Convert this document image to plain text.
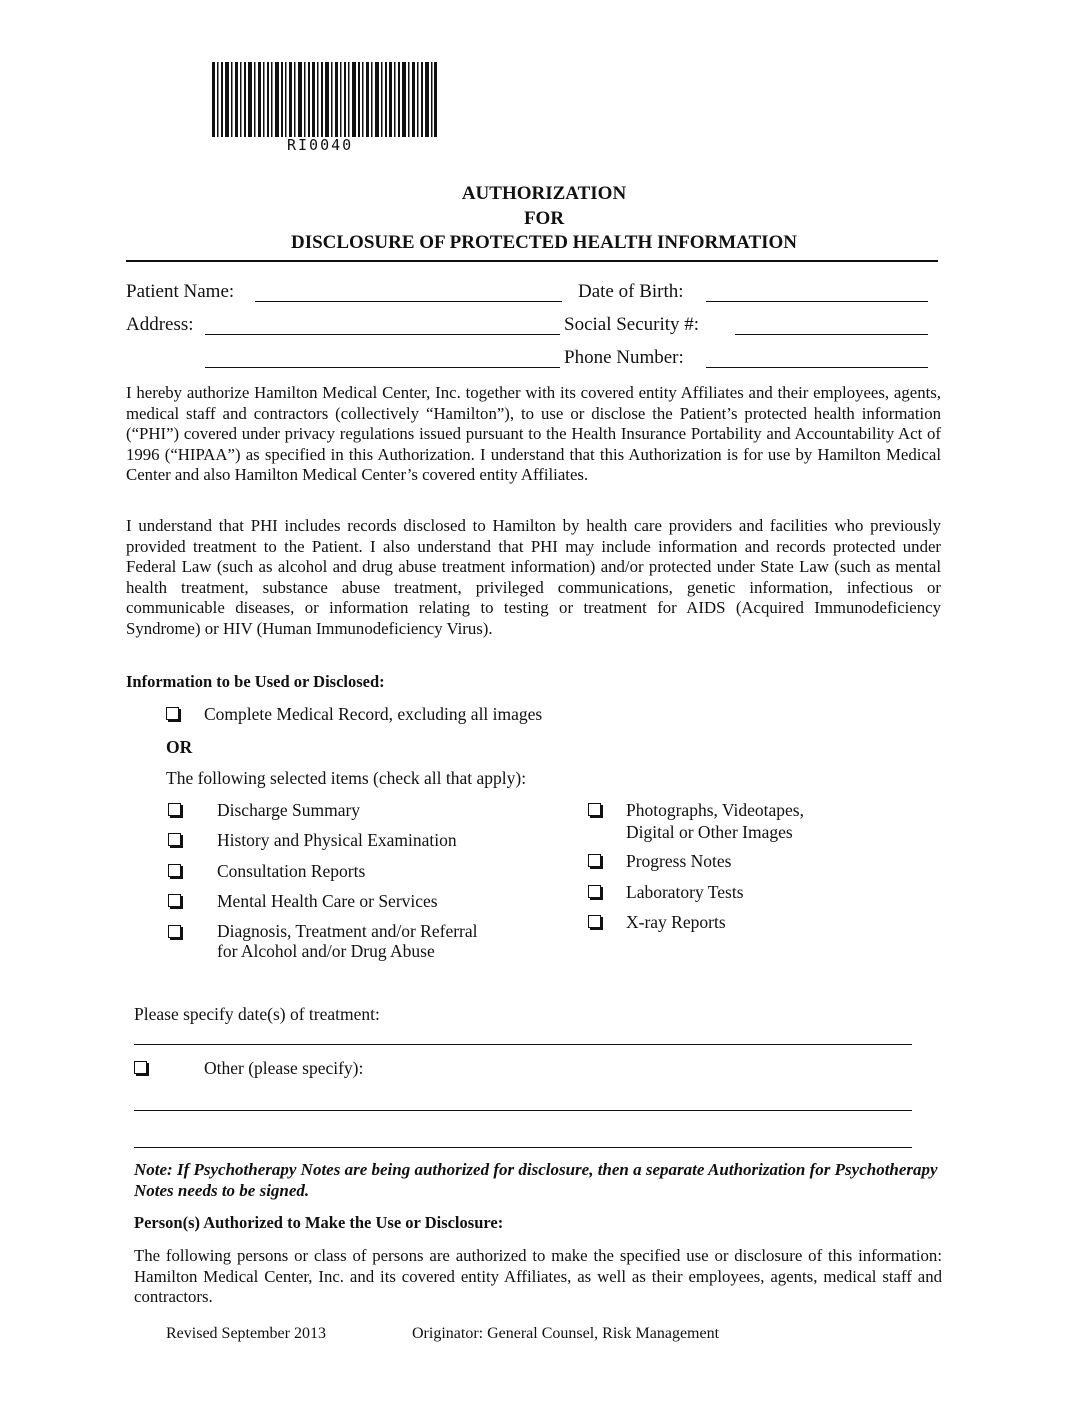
RI0040
AUTHORIZATION
FOR
DISCLOSURE OF PROTECTED HEALTH INFORMATION
Patient Name:	Date of Birth:
Address:	Social Security #:
Phone Number:
I hereby authorize Hamilton Medical Center, Inc. together with its covered entity Affiliates and their employees, agents, medical staff and contractors (collectively “Hamilton”), to use or disclose the Patient’s protected health information (“PHI”) covered under privacy regulations issued pursuant to the Health Insurance Portability and Accountability Act of 1996 (“HIPAA”) as specified in this Authorization. I understand that this Authorization is for use by Hamilton Medical Center and also Hamilton Medical Center’s covered entity Affiliates.
I understand that PHI includes records disclosed to Hamilton by health care providers and facilities who previously provided treatment to the Patient. I also understand that PHI may include information and records protected under Federal Law (such as alcohol and drug abuse treatment information) and/or protected under State Law (such as mental health treatment, substance abuse treatment, privileged communications, genetic information, infectious or communicable diseases, or information relating to testing or treatment for AIDS (Acquired Immunodeficiency Syndrome) or HIV (Human Immunodeficiency Virus).
Information to be Used or Disclosed:
Complete Medical Record, excluding all images
OR
The following selected items (check all that apply):
Discharge Summary
History and Physical Examination
Consultation Reports
Mental Health Care or Services
Diagnosis, Treatment and/or Referral
for Alcohol and/or Drug Abuse
Photographs, Videotapes,
Digital or Other Images
Progress Notes
Laboratory Tests
X-ray Reports
Please specify date(s) of treatment:
Other (please specify):
Note: If Psychotherapy Notes are being authorized for disclosure, then a separate Authorization for Psychotherapy Notes needs to be signed.
Person(s) Authorized to Make the Use or Disclosure:
The following persons or class of persons are authorized to make the specified use or disclosure of this information: Hamilton Medical Center, Inc. and its covered entity Affiliates, as well as their employees, agents, medical staff and contractors.
Revised September 2013	Originator: General Counsel, Risk Management
